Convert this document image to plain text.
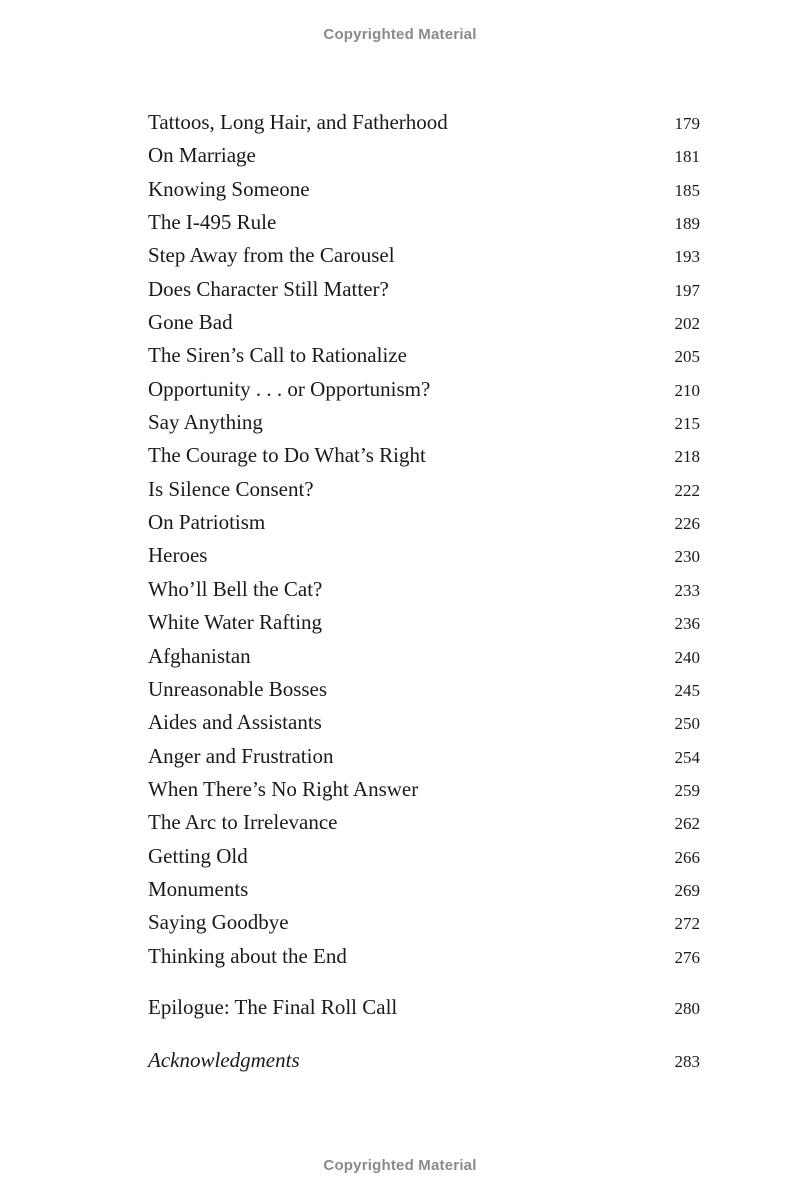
Copyrighted Material
Tattoos, Long Hair, and Fatherhood	179
On Marriage	181
Knowing Someone	185
The I-495 Rule	189
Step Away from the Carousel	193
Does Character Still Matter?	197
Gone Bad	202
The Siren’s Call to Rationalize	205
Opportunity . . . or Opportunism?	210
Say Anything	215
The Courage to Do What’s Right	218
Is Silence Consent?	222
On Patriotism	226
Heroes	230
Who’ll Bell the Cat?	233
White Water Rafting	236
Afghanistan	240
Unreasonable Bosses	245
Aides and Assistants	250
Anger and Frustration	254
When There’s No Right Answer	259
The Arc to Irrelevance	262
Getting Old	266
Monuments	269
Saying Goodbye	272
Thinking about the End	276
Epilogue: The Final Roll Call	280
Acknowledgments	283
Copyrighted Material
